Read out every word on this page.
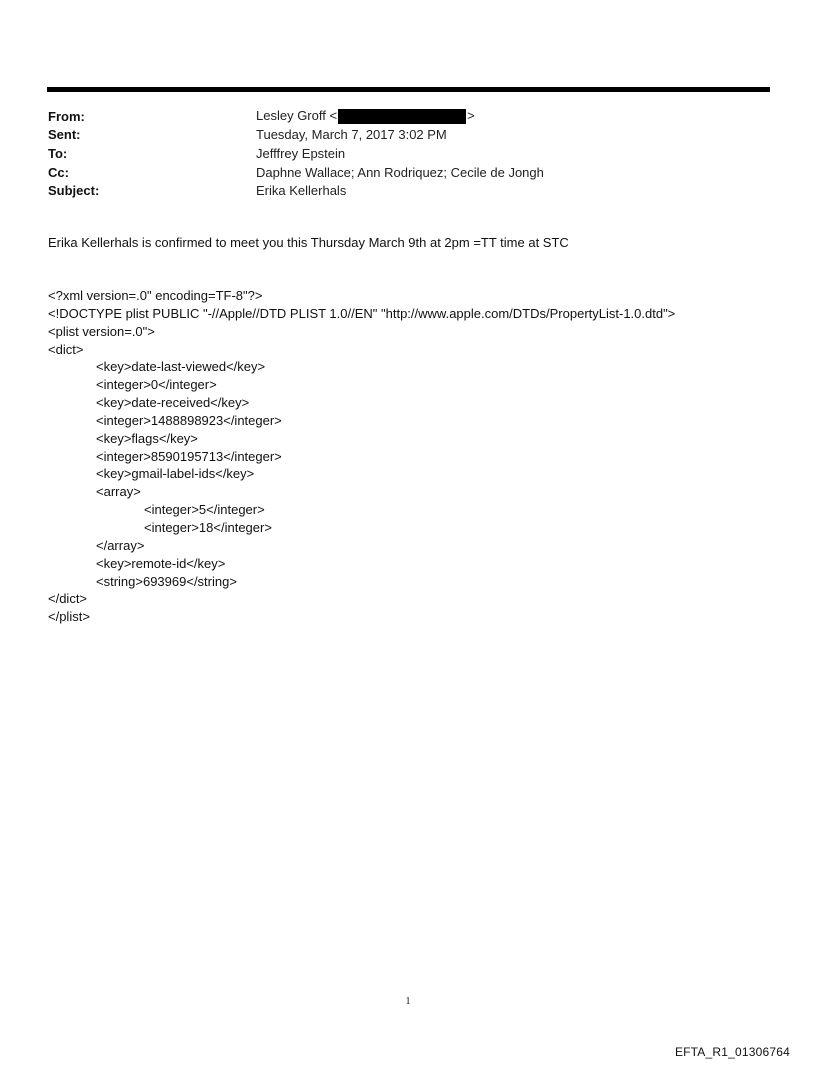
From:	Lesley Groff <	>
Sent:	Tuesday, March 7, 2017 3:02 PM
To:	Jefffrey Epstein
Cc:	Daphne Wallace; Ann Rodriquez; Cecile de Jongh
Subject:	Erika Kellerhals
Erika Kellerhals is confirmed to meet you this Thursday March 9th at 2pm =TT time at STC
<?xml version=.0" encoding=TF-8"?>
<!DOCTYPE plist PUBLIC "-//Apple//DTD PLIST 1.0//EN" "http://www.apple.com/DTDs/PropertyList-1.0.dtd">
<plist version=.0">
<dict>
<key>date-last-viewed</key>
<integer>0</integer>
<key>date-received</key>
<integer>1488898923</integer>
<key>flags</key>
<integer>8590195713</integer>
<key>gmail-label-ids</key>
<array>
<integer>5</integer>
<integer>18</integer>
</array>
<key>remote-id</key>
<string>693969</string>
</dict>
</plist>
1
EFTA_R1_01306764
